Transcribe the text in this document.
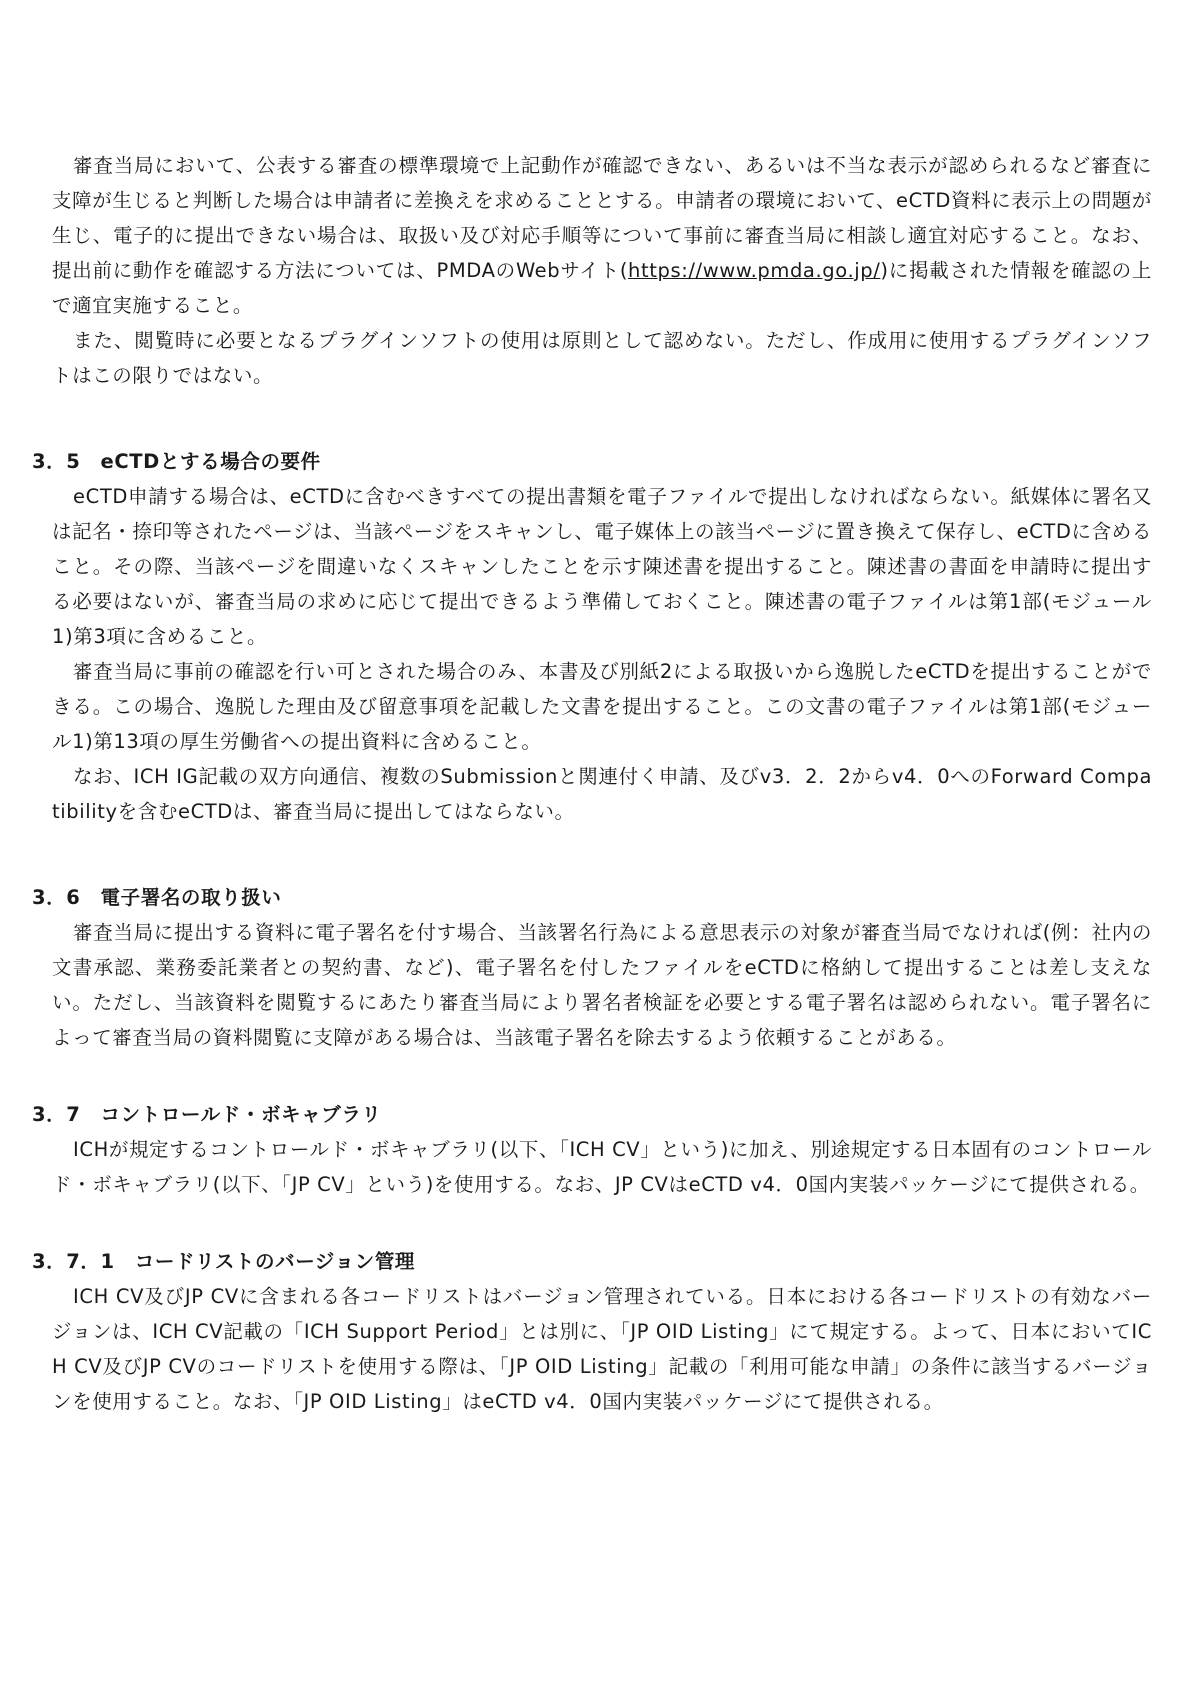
審査当局において、公表する審査の標準環境で上記動作が確認できない、あるいは不当な表示が認められるなど審査に支障が生じると判断した場合は申請者に差換えを求めることとする。申請者の環境において、eCTD資料に表示上の問題が生じ、電子的に提出できない場合は、取扱い及び対応手順等について事前に審査当局に相談し適宜対応すること。なお、提出前に動作を確認する方法については、PMDAのWebサイト(https://www.pmda.go.jp/)に掲載された情報を確認の上で適宜実施すること。

また、閲覧時に必要となるプラグインソフトの使用は原則として認めない。ただし、作成用に使用するプラグインソフトはこの限りではない。

3．5　eCTDとする場合の要件

eCTD申請する場合は、eCTDに含むべきすべての提出書類を電子ファイルで提出しなければならない。紙媒体に署名又は記名・捺印等されたページは、当該ページをスキャンし、電子媒体上の該当ページに置き換えて保存し、eCTDに含めること。その際、当該ページを間違いなくスキャンしたことを示す陳述書を提出すること。陳述書の書面を申請時に提出する必要はないが、審査当局の求めに応じて提出できるよう準備しておくこと。陳述書の電子ファイルは第1部(モジュール1)第3項に含めること。

審査当局に事前の確認を行い可とされた場合のみ、本書及び別紙2による取扱いから逸脱したeCTDを提出することができる。この場合、逸脱した理由及び留意事項を記載した文書を提出すること。この文書の電子ファイルは第1部(モジュール1)第13項の厚生労働省への提出資料に含めること。

なお、ICH IG記載の双方向通信、複数のSubmissionと関連付く申請、及びv3．2．2からv4．0へのForward Compatibilityを含むeCTDは、審査当局に提出してはならない。

3．6　電子署名の取り扱い

審査当局に提出する資料に電子署名を付す場合、当該署名行為による意思表示の対象が審査当局でなければ(例：社内の文書承認、業務委託業者との契約書、など)、電子署名を付したファイルをeCTDに格納して提出することは差し支えない。ただし、当該資料を閲覧するにあたり審査当局により署名者検証を必要とする電子署名は認められない。電子署名によって審査当局の資料閲覧に支障がある場合は、当該電子署名を除去するよう依頼することがある。

3．7　コントロールド・ボキャブラリ

ICHが規定するコントロールド・ボキャブラリ(以下、「ICH CV」という)に加え、別途規定する日本固有のコントロールド・ボキャブラリ(以下、「JP CV」という)を使用する。なお、JP CVはeCTD v4．0国内実装パッケージにて提供される。

3．7．1　コードリストのバージョン管理

ICH CV及びJP CVに含まれる各コードリストはバージョン管理されている。日本における各コードリストの有効なバージョンは、ICH CV記載の「ICH Support Period」とは別に、「JP OID Listing」にて規定する。よって、日本においてICH CV及びJP CVのコードリストを使用する際は、「JP OID Listing」記載の「利用可能な申請」の条件に該当するバージョンを使用すること。なお、「JP OID Listing」はeCTD v4．0国内実装パッケージにて提供される。
